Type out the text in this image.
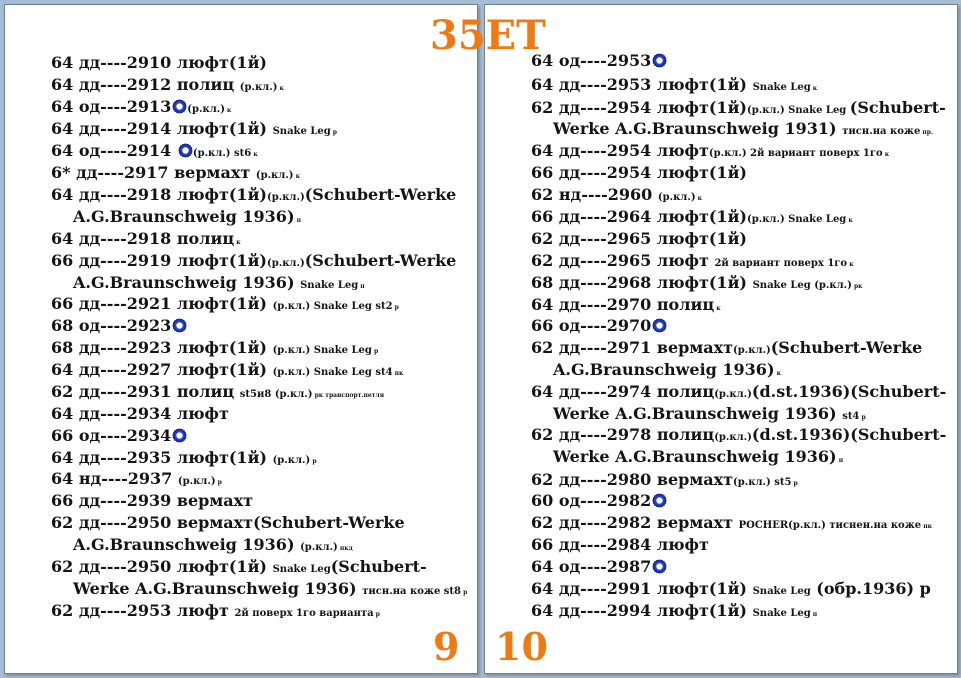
64 дд----2910 люфт(1й)
64 дд----2912 полиц (р.кл.) к
64 од----2913 (р.кл.) к
64 дд----2914 люфт(1й) Snake Leg р
64 од----2914 (р.кл.) st6 к
6* дд----2917 вермахт (р.кл.) к
64 дд----2918 люфт(1й)(р.кл.)(Schubert-Werke
A.G.Braunschweig 1936) п
64 дд----2918 полиц к
66 дд----2919 люфт(1й)(р.кл.)(Schubert-Werke
A.G.Braunschweig 1936) Snake Leg п
66 дд----2921 люфт(1й) (р.кл.) Snake Leg st2 р
68 од----2923
68 дд----2923 люфт(1й) (р.кл.) Snake Leg р
64 дд----2927 люфт(1й) (р.кл.) Snake Leg st4 пк
62 дд----2931 полиц st5и8 (р.кл.) рк транспорт.петля
64 дд----2934 люфт
66 од----2934
64 дд----2935 люфт(1й) (р.кл.) р
64 нд----2937 (р.кл.) р
66 дд----2939 вермахт
62 дд----2950 вермахт(Schubert-Werke
A.G.Braunschweig 1936) (р.кл.) пкд
62 дд----2950 люфт(1й) Snake Leg(Schubert-
Werke A.G.Braunschweig 1936) тисн.на коже st8 р
62 дд----2953 люфт 2й поверх 1го варианта р
9
64 од----2953
64 дд----2953 люфт(1й) Snake Leg к
62 дд----2954 люфт(1й)(р.кл.) Snake Leg (Schubert-
Werke A.G.Braunschweig 1931) тисн.на коже пр.
64 дд----2954 люфт(р.кл.) 2й вариант поверх 1го к
66 дд----2954 люфт(1й)
62 нд----2960 (р.кл.) к
66 дд----2964 люфт(1й)(р.кл.) Snake Leg к
62 дд----2965 люфт(1й)
62 дд----2965 люфт 2й вариант поверх 1го к
68 дд----2968 люфт(1й) Snake Leg (р.кл.) рк
64 дд----2970 полиц к
66 од----2970
62 дд----2971 вермахт(р.кл.)(Schubert-Werke
A.G.Braunschweig 1936) к
64 дд----2974 полиц(р.кл.)(d.st.1936)(Schubert-
Werke A.G.Braunschweig 1936) st4 р
62 дд----2978 полиц(р.кл.)(d.st.1936)(Schubert-
Werke A.G.Braunschweig 1936) п
62 дд----2980 вермахт(р.кл.) st5 р
60 од----2982
62 дд----2982 вермахт POCHER(р.кл.) тиснен.на коже пк
66 дд----2984 люфт
64 од----2987
64 дд----2991 люфт(1й) Snake Leg (обр.1936) р
64 дд----2994 люфт(1й) Snake Leg п
10
35ЕТ
